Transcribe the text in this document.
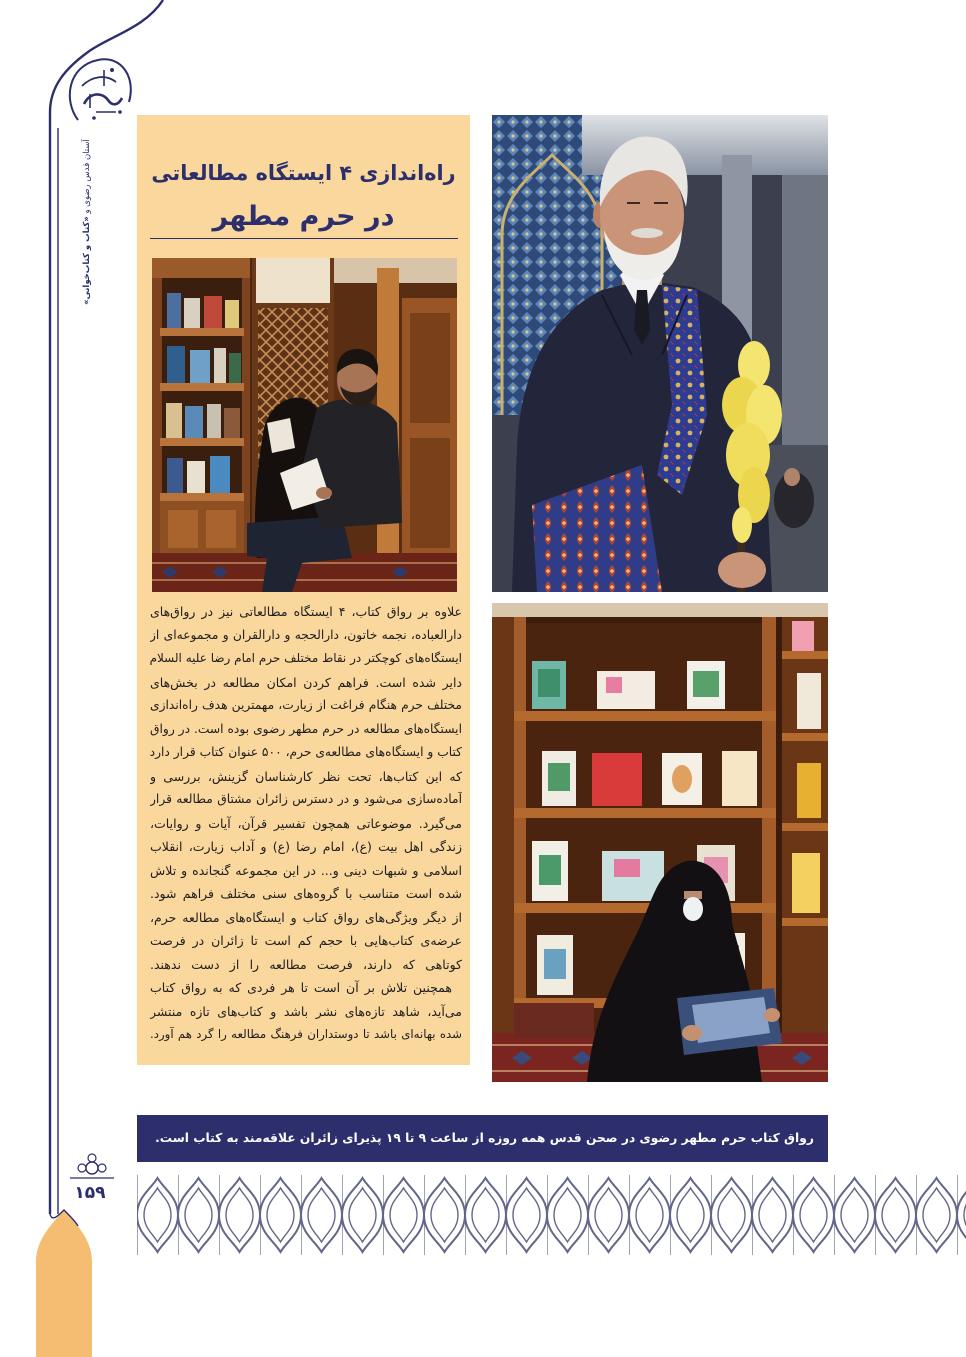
آستان قدس رضوی و «کتاب و کتاب‌خوانی»
۱۵۹
راه‌اندازی ۴ ایستگاه مطالعاتی
در حرم مطهر
علاوه بر رواق کتاب، ۴ ایستگاه مطالعاتی نیز در رواق‌های
دارالعباده، نجمه خاتون، دارالحجه و دارالقران و مجموعه‌ای از
ایستگاه‌های کوچکتر در نقاط مختلف حرم امام رضا علیه السلام
دایر شده است. فراهم کردن امکان مطالعه در بخش‌های
مختلف حرم هنگام فراغت از زیارت، مهمترین هدف راه‌اندازی
ایستگاه‌های مطالعه در حرم مطهر رضوی بوده است. در رواق
کتاب و ایستگاه‌های مطالعه‌ی حرم، ۵۰۰ عنوان کتاب قرار دارد
که این کتاب‌ها، تحت نظر کارشناسان گزینش، بررسی و
آماده‌سازی می‌شود و در دسترس زائران مشتاق مطالعه قرار
می‌گیرد. موضوعاتی همچون تفسیر قرآن، آیات و روایات،
زندگی اهل بیت (ع)، امام رضا (ع) و آداب زیارت، انقلاب
اسلامی و شبهات دینی و... در این مجموعه گنجانده و تلاش
شده است متناسب با گروه‌های سنی مختلف فراهم شود.
از دیگر ویژگی‌های رواق کتاب و ایستگاه‌های مطالعه حرم،
عرضه‌ی کتاب‌هایی با حجم کم است تا زائران در فرصت
کوتاهی که دارند، فرصت مطالعه را از دست ندهند.
همچنین تلاش بر آن است تا هر فردی که به رواق کتاب
می‌آید، شاهد تازه‌های نشر باشد و کتاب‌های تازه منتشر
شده بهانه‌ای باشد تا دوستداران فرهنگ مطالعه را گرد هم آورد.
رواق کتاب حرم مطهر رضوی در صحن قدس همه روزه از ساعت ۹ تا ۱۹ پذیرای زائران علاقه‌مند به کتاب است.
